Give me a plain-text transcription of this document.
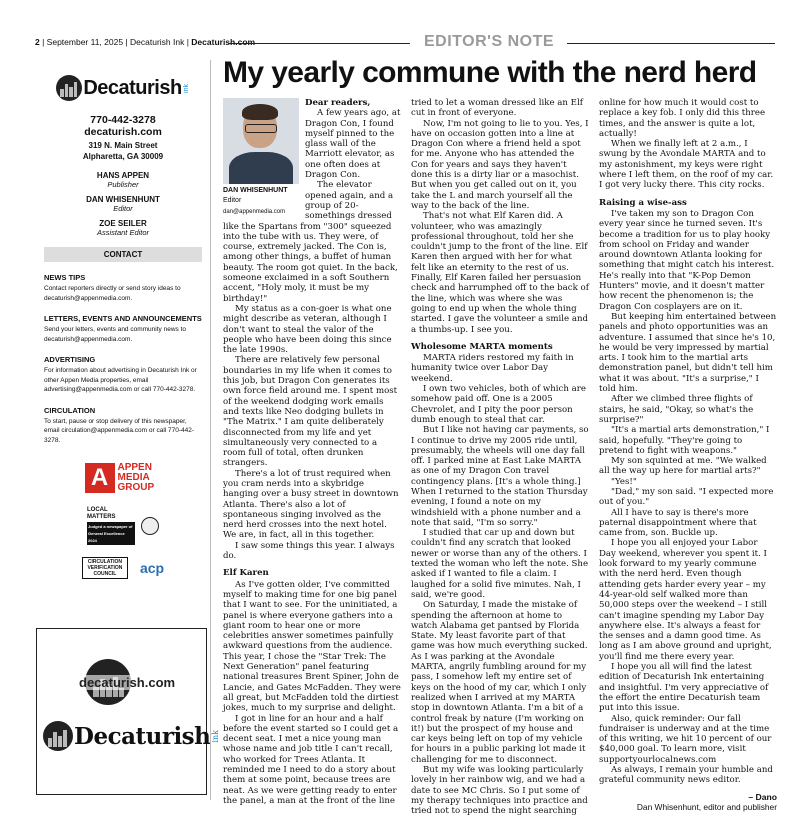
2 | September 11, 2025 | Decaturish Ink | Decaturish.com	EDITOR'S NOTE
Decaturish ink
770-442-3278
decaturish.com
319 N. Main Street
Alpharetta, GA 30009
HANS APPEN
Publisher
DAN WHISENHUNT
Editor
ZOE SEILER
Assistant Editor
CONTACT
NEWS TIPS

Contact reporters directly or send story ideas to decaturish@appenmedia.com.

LETTERS, EVENTS AND ANNOUNCEMENTS

Send your letters, events and community news to decaturish@appenmedia.com.

ADVERTISING

For information about advertising in Decaturish Ink or other Appen Media properties, email advertising@appenmedia.com or call 770-442-3278.

CIRCULATION

To start, pause or stop delivery of this newspaper, email circulation@appenmedia.com or call 770-442-3278.

A APPEN MEDIA GROUP
LOCAL MATTERS
Judged a newspaper of General Excellence 2024
CIRCULATION VERIFICATION COUNCIL	acp
decaturish.com
Decaturish ink
My yearly commune with the nerd herd
DAN WHISENHUNT
Editor
dan@appenmedia.com

Dear readers,

A few years ago, at Dragon Con, I found myself pinned to the glass wall of the Marriott elevator, as one often does at Dragon Con.

The elevator opened again, and a group of 20-somethings dressed like the Spartans from "300" squeezed into the tube with us. They were, of course, extremely jacked. The Con is, among other things, a buffet of human beauty. The room got quiet. In the back, someone exclaimed in a soft Southern accent, "Holy moly, it must be my birthday!"

My status as a con-goer is what one might describe as veteran, although I don't want to steal the valor of the people who have been doing this since the late 1990s.

There are relatively few personal boundaries in my life when it comes to this job, but Dragon Con generates its own force field around me. I spent most of the weekend dodging work emails and texts like Neo dodging bullets in "The Matrix." I am quite deliberately disconnected from my life and yet simultaneously very connected to a room full of total, often drunken strangers.

There's a lot of trust required when you cram nerds into a skybridge hanging over a busy street in downtown Atlanta. There's also a lot of spontaneous singing involved as the nerd herd crosses into the next hotel. We are, in fact, all in this together.

I saw some things this year. I always do.

Elf Karen

As I've gotten older, I've committed myself to making time for one big panel that I want to see. For the uninitiated, a panel is where everyone gathers into a giant room to hear one or more celebrities answer sometimes painfully awkward questions from the audience. This year, I chose the "Star Trek: The Next Generation" panel featuring national treasures Brent Spiner, John de Lancie, and Gates McFadden. They were all great, but McFadden told the dirtiest jokes, much to my surprise and delight.

I got in line for an hour and a half before the event started so I could get a decent seat. I met a nice young man whose name and job title I can't recall, who worked for Trees Atlanta. It reminded me I need to do a story about them at some point, because trees are neat. As we were getting ready to enter the panel, a man at the front of the line

tried to let a woman dressed like an Elf cut in front of everyone.

Now, I'm not going to lie to you. Yes, I have on occasion gotten into a line at Dragon Con where a friend held a spot for me. Anyone who has attended the Con for years and says they haven't done this is a dirty liar or a masochist. But when you get called out on it, you take the L and march yourself all the way to the back of the line.

That's not what Elf Karen did. A volunteer, who was amazingly professional throughout, told her she couldn't jump to the front of the line. Elf Karen then argued with her for what felt like an eternity to the rest of us. Finally, Elf Karen failed her persuasion check and harrumphed off to the back of the line, which was where she was going to end up when the whole thing started. I gave the volunteer a smile and a thumbs-up. I see you.

Wholesome MARTA moments

MARTA riders restored my faith in humanity twice over Labor Day weekend.

I own two vehicles, both of which are somehow paid off. One is a 2005 Chevrolet, and I pity the poor person dumb enough to steal that car.

But I like not having car payments, so I continue to drive my 2005 ride until, presumably, the wheels will one day fall off. I parked mine at East Lake MARTA as one of my Dragon Con travel contingency plans. [It's a whole thing.] When I returned to the station Thursday evening, I found a note on my windshield with a phone number and a note that said, "I'm so sorry."

I studied that car up and down but couldn't find any scratch that looked newer or worse than any of the others. I texted the woman who left the note. She asked if I wanted to file a claim. I laughed for a solid five minutes. Nah, I said, we're good.

On Saturday, I made the mistake of spending the afternoon at home to watch Alabama get pantsed by Florida State. My least favorite part of that game was how much everything sucked. As I was parking at the Avondale MARTA, angrily fumbling around for my pass, I somehow left my entire set of keys on the hood of my car, which I only realized when I arrived at my MARTA stop in downtown Atlanta. I'm a bit of a control freak by nature (I'm working on it!) but the prospect of my house and car keys being left on top of my vehicle for hours in a public parking lot made it challenging for me to disconnect.

But my wife was looking particularly lovely in her rainbow wig, and we had a date to see MC Chris. So I put some of my therapy techniques into practice and tried not to spend the night searching

online for how much it would cost to replace a key fob. I only did this three times, and the answer is quite a lot, actually!

When we finally left at 2 a.m., I swung by the Avondale MARTA and to my astonishment, my keys were right where I left them, on the roof of my car. I got very lucky there. This city rocks.

Raising a wise-ass

I've taken my son to Dragon Con every year since he turned seven. It's become a tradition for us to play hooky from school on Friday and wander around downtown Atlanta looking for something that might catch his interest. He's really into that "K-Pop Demon Hunters" movie, and it doesn't matter how recent the phenomenon is; the Dragon Con cosplayers are on it.

But keeping him entertained between panels and photo opportunities was an adventure. I assumed that since he's 10, he would be very impressed by martial arts. I took him to the martial arts demonstration panel, but didn't tell him what it was about. "It's a surprise," I told him.

After we climbed three flights of stairs, he said, "Okay, so what's the surprise?"

"It's a martial arts demonstration," I said, hopefully. "They're going to pretend to fight with weapons."

My son squinted at me. "We walked all the way up here for martial arts?"

"Yes!"

"Dad," my son said. "I expected more out of you."

All I have to say is there's more paternal disappointment where that came from, son. Buckle up.

I hope you all enjoyed your Labor Day weekend, wherever you spent it. I look forward to my yearly commune with the nerd herd. Even though attending gets harder every year – my 44-year-old self walked more than 50,000 steps over the weekend – I still can't imagine spending my Labor Day anywhere else. It's always a feast for the senses and a damn good time. As long as I am above ground and upright, you'll find me there every year.

I hope you all will find the latest edition of Decaturish Ink entertaining and insightful. I'm very appreciative of the effort the entire Decaturish team put into this issue.

Also, quick reminder: Our fall fundraiser is underway and at the time of this writing, we hit 10 percent of our $40,000 goal. To learn more, visit supportyourlocalnews.com

As always, I remain your humble and grateful community news editor.

– Dano
Dan Whisenhunt, editor and publisher
